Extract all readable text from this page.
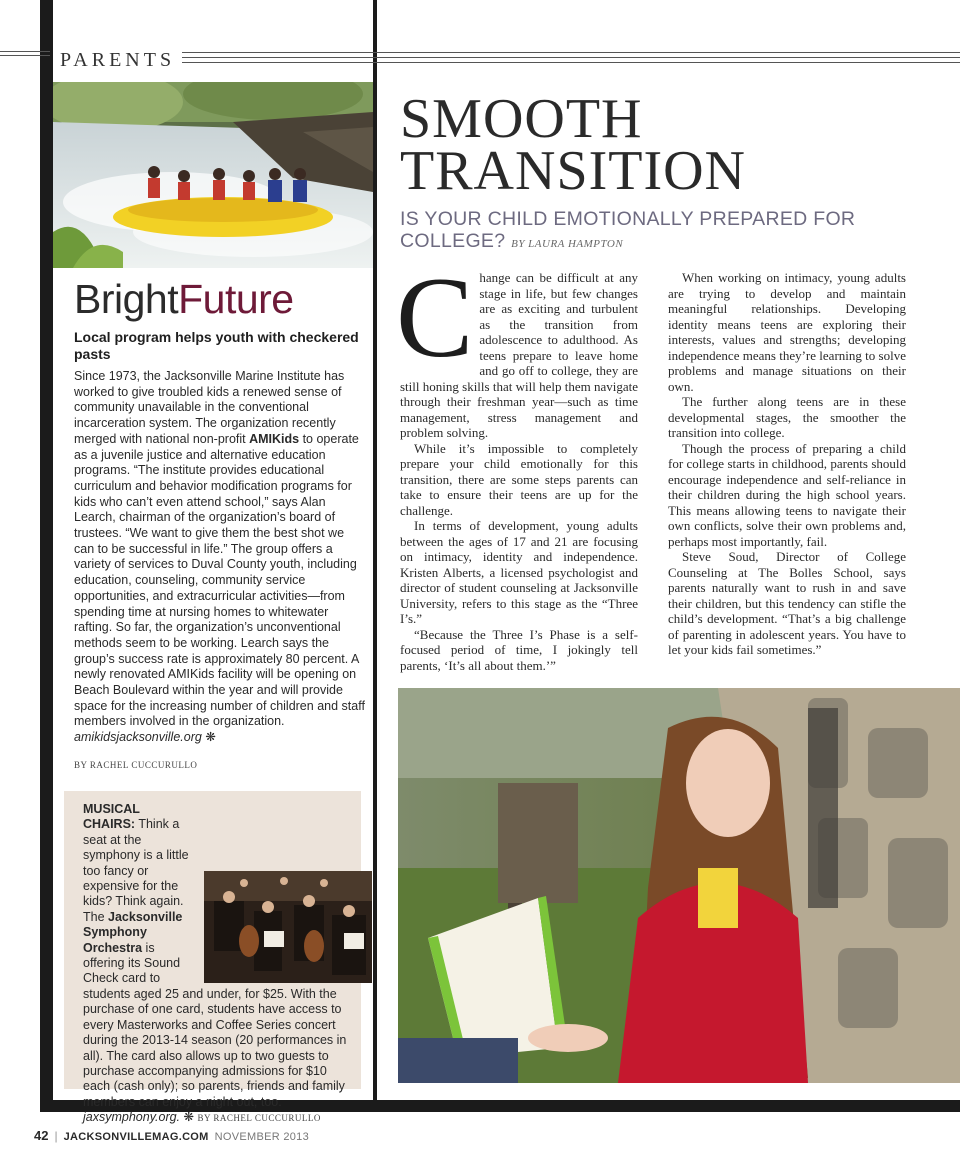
PARENTS
BrightFuture
Local program helps youth with checkered pasts
Since 1973, the Jacksonville Marine Institute has worked to give troubled kids a renewed sense of community unavailable in the conventional incarceration system. The organization recently merged with national non-profit AMIKids to operate as a juvenile justice and alternative education programs. “The institute provides educational curriculum and behavior modification programs for kids who can’t even attend school,” says Alan Learch, chairman of the organization’s board of trustees. “We want to give them the best shot we can to be successful in life.” The group offers a variety of services to Duval County youth, including education, counseling, community service opportunities, and extracurricular activities—from spending time at nursing homes to whitewater rafting. So far, the organization’s unconventional methods seem to be working. Learch says the group’s success rate is approximately 80 percent. A newly renovated AMIKids facility will be opening on Beach Boulevard within the year and will provide space for the increasing number of children and staff members involved in the organization.
amikidsjacksonville.org ❋
BY RACHEL CUCCURULLO
MUSICAL CHAIRS: Think a seat at the symphony is a little too fancy or expensive for the kids? Think again. The Jacksonville Symphony Orchestra is offering its Sound Check card to students aged 25 and under, for $25. With the purchase of one card, students have access to every Masterworks and Coffee Series concert during the 2013-14 season (20 performances in all). The card also allows up to two guests to purchase accompanying admissions for $10 each (cash only); so parents, friends and family members can enjoy a night out, too.
jaxsymphony.org. ❋ BY RACHEL CUCCURULLO
SMOOTH
TRANSITION
IS YOUR CHILD EMOTIONALLY PREPARED FOR COLLEGE? BY LAURA HAMPTON

Change can be difficult at any stage in life, but few changes are as exciting and turbulent as the transition from adolescence to adulthood. As teens prepare to leave home and go off to college, they are still honing skills that will help them navigate through their freshman year—such as time management, stress management and problem solving.

While it’s impossible to completely prepare your child emotionally for this transition, there are some steps parents can take to ensure their teens are up for the challenge.

In terms of development, young adults between the ages of 17 and 21 are focusing on intimacy, identity and independence. Kristen Alberts, a licensed psychologist and director of student counseling at Jacksonville University, refers to this stage as the “Three I’s.”

“Because the Three I’s Phase is a self-focused period of time, I jokingly tell parents, ‘It’s all about them.’”

When working on intimacy, young adults are trying to develop and maintain meaningful relationships. Developing identity means teens are exploring their interests, values and strengths; developing independence means they’re learning to solve problems and manage situations on their own.

The further along teens are in these developmental stages, the smoother the transition into college.

Though the process of preparing a child for college starts in childhood, parents should encourage independence and self-reliance in their children during the high school years. This means allowing teens to navigate their own conflicts, solve their own problems and, perhaps most importantly, fail.

Steve Soud, Director of College Counseling at The Bolles School, says parents naturally want to rush in and save their children, but this tendency can stifle the child’s development. “That’s a big challenge of parenting in adolescent years. You have to let your kids fail sometimes.”

42 | JACKSONVILLEMAG.COM NOVEMBER 2013
